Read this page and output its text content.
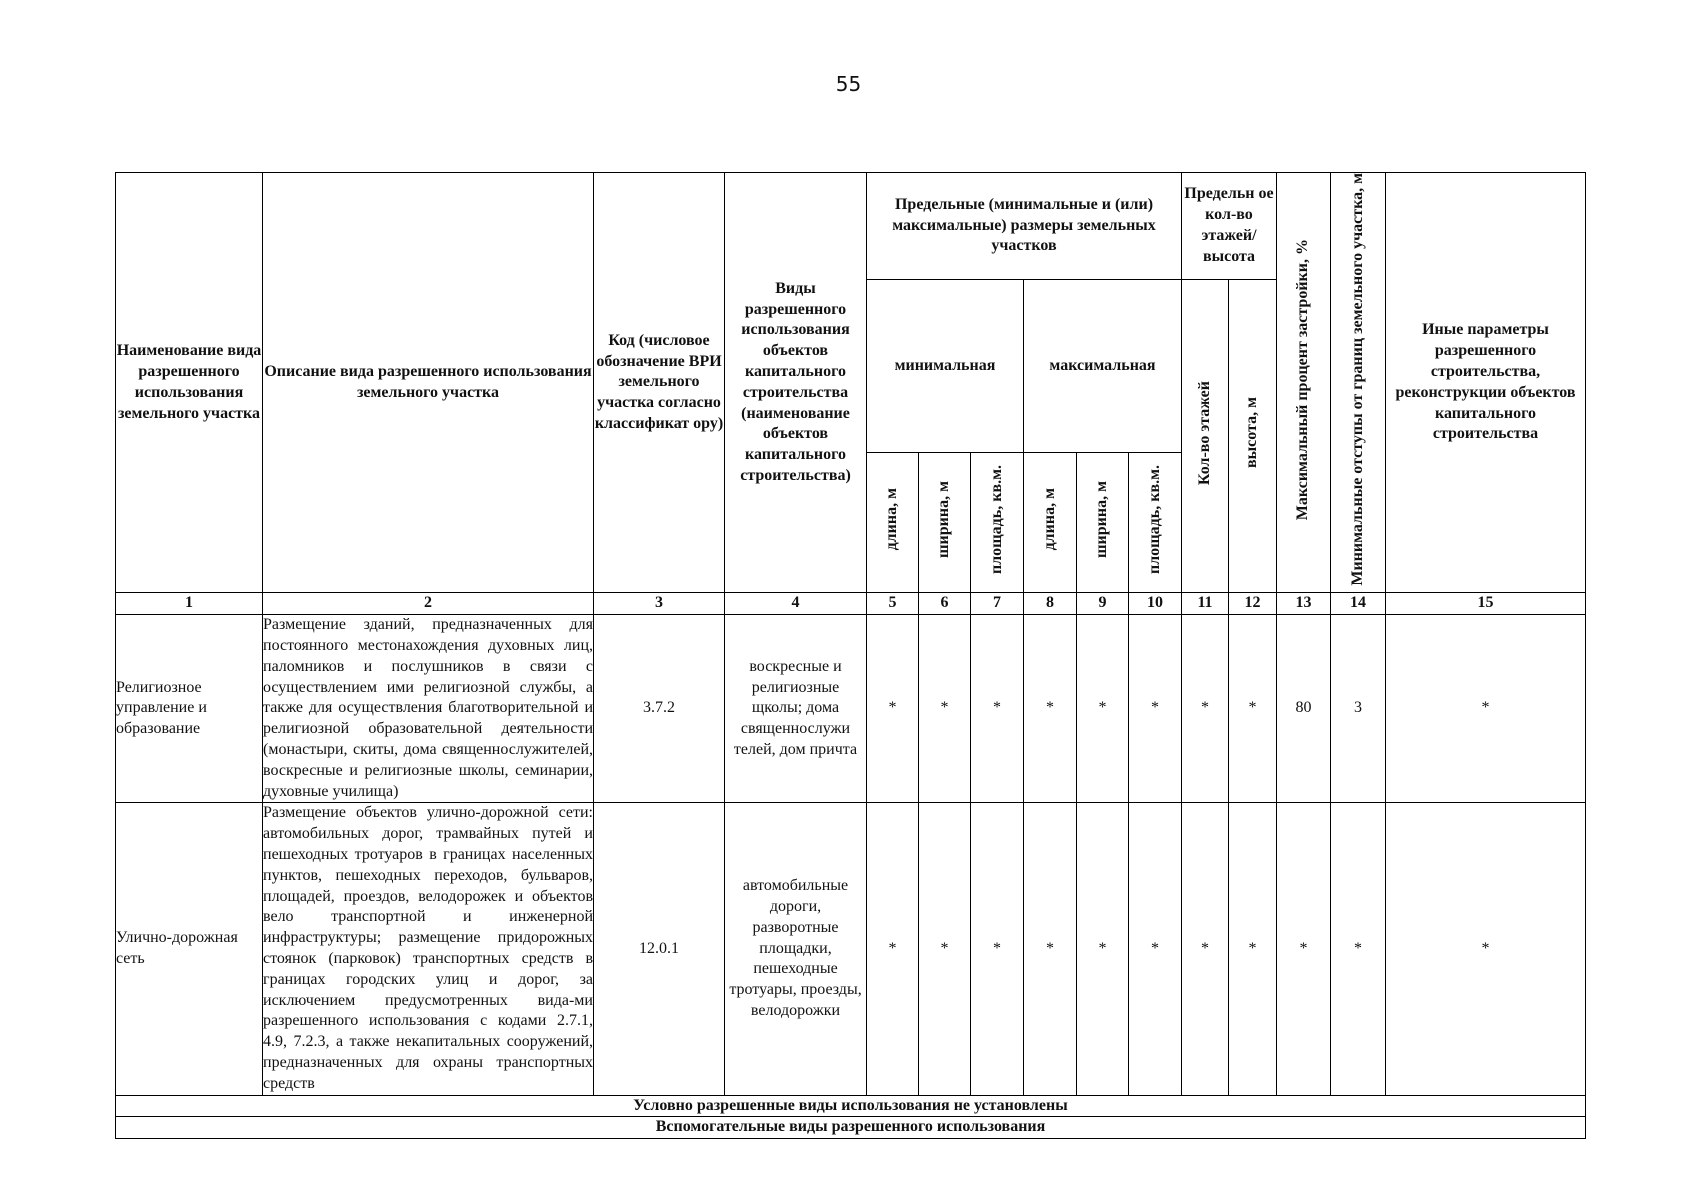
55
Наименование вида разрешенного использования земельного участка	Описание вида разрешенного использования земельного участка	Код (числовое обозначение ВРИ земельного участка согласно классификат ору)	Виды разрешенного использования объектов капитального строительства (наименование объектов капитального строительства)	Предельные (минимальные и (или) максимальные) размеры земельных участков						Предельн ое кол-во этажей/ высота		Максимальный процент застройки, %	Минимальные отступы от границ земельного участка, м	Иные параметры разрешенного строительства, реконструкции объектов капитального строительства
				минимальная			максимальная			Кол-во этажей	высота, м			
				длина, м	ширина, м	площадь, кв.м.	длина, м	ширина, м	площадь, кв.м.					
1	2	3	4	5	6	7	8	9	10	11	12	13	14	15
Религиозное управление и образование	Размещение зданий, предназначенных для постоянного местонахождения духовных лиц, паломников и послушников в связи с осуществлением ими религиозной службы, а также для осуществления благотворительной и религиозной образовательной деятельности (монастыри, скиты, дома священнослужителей, воскресные и религиозные школы, семинарии, духовные училища)	3.7.2	воскресные и религиозные щколы; дома священнослужи телей, дом причта	*	*	*	*	*	*	*	*	80	3	*
Улично-дорожная сеть	Размещение объектов улично-дорожной сети: автомобильных дорог, трамвайных путей и пешеходных тротуаров в границах населенных пунктов, пешеходных переходов, бульваров, площадей, проездов, велодорожек и объектов вело транспортной и инженерной инфраструктуры; размещение придорожных стоянок (парковок) транспортных средств в границах городских улиц и дорог, за исключением предусмотренных вида-ми разрешенного использования с кодами 2.7.1, 4.9, 7.2.3, а также некапитальных сооружений, предназначенных для охраны транспортных средств	12.0.1	автомобильные дороги, разворотные площадки, пешеходные тротуары, проезды, велодорожки	*	*	*	*	*	*	*	*	*	*	*
Условно разрешенные виды использования не установлены														
Вспомогательные виды разрешенного использования														
